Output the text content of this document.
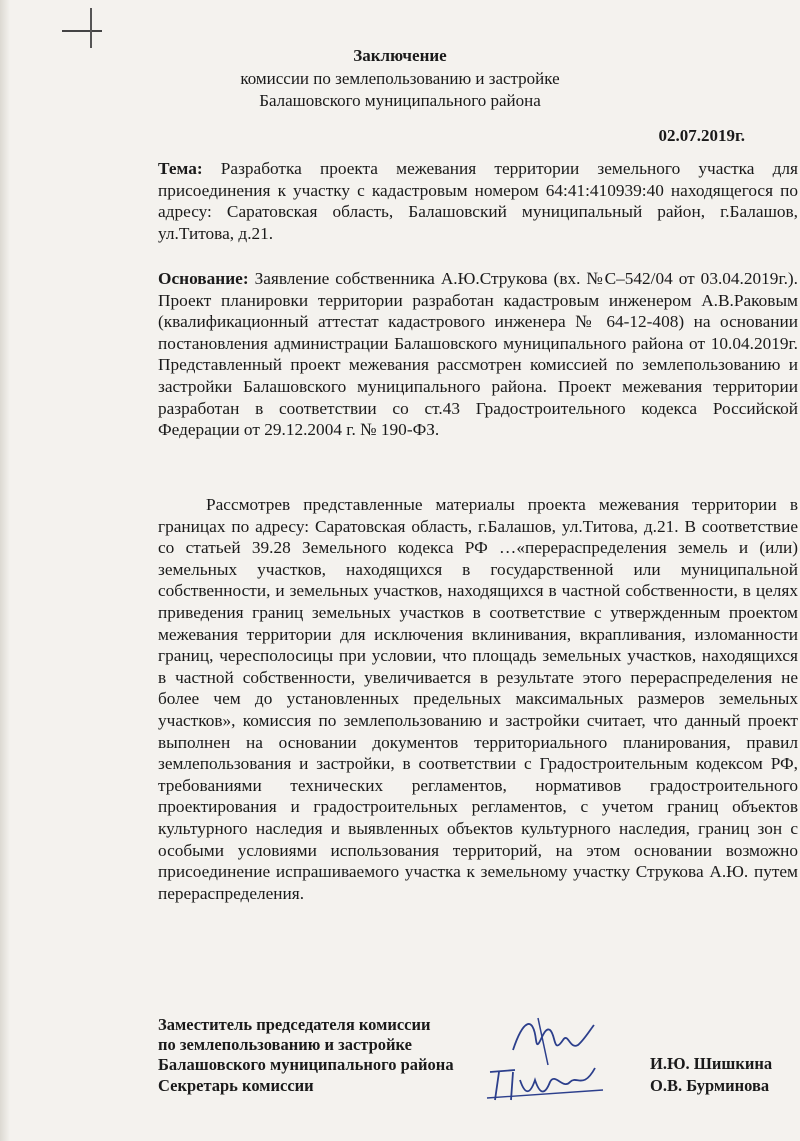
Заключение
комиссии по землепользованию и застройке
Балашовского муниципального района
02.07.2019г.
Тема: Разработка проекта межевания территории земельного участка для присоединения к участку с кадастровым номером 64:41:410939:40 находящегося по адресу: Саратовская область, Балашовский муниципальный район, г.Балашов, ул.Титова, д.21.
Основание: Заявление собственника А.Ю.Струкова (вх. №С–542/04 от 03.04.2019г.). Проект планировки территории разработан кадастровым инженером А.В.Раковым (квалификационный аттестат кадастрового инженера № 64-12-408) на основании постановления администрации Балашовского муниципального района от 10.04.2019г. Представленный проект межевания рассмотрен комиссией по землепользованию и застройки Балашовского муниципального района. Проект межевания территории разработан в соответствии со ст.43 Градостроительного кодекса Российской Федерации от 29.12.2004 г. № 190-ФЗ.
Рассмотрев представленные материалы проекта межевания территории в границах по адресу: Саратовская область, г.Балашов, ул.Титова, д.21. В соответствие со статьей 39.28 Земельного кодекса РФ …«перераспределения земель и (или) земельных участков, находящихся в государственной или муниципальной собственности, и земельных участков, находящихся в частной собственности, в целях приведения границ земельных участков в соответствие с утвержденным проектом межевания территории для исключения вклинивания, вкрапливания, изломанности границ, чересполосицы при условии, что площадь земельных участков, находящихся в частной собственности, увеличивается в результате этого перераспределения не более чем до установленных предельных максимальных размеров земельных участков», комиссия по землепользованию и застройки считает, что данный проект выполнен на основании документов территориального планирования, правил землепользования и застройки, в соответствии с Градостроительным кодексом РФ, требованиями технических регламентов, нормативов градостроительного проектирования и градостроительных регламентов, с учетом границ объектов культурного наследия и выявленных объектов культурного наследия, границ зон с особыми условиями использования территорий, на этом основании возможно присоединение испрашиваемого участка к земельному участку Струкова А.Ю. путем перераспределения.
Заместитель председателя комиссии
по землепользованию и застройке
Балашовского муниципального района	И.Ю. Шишкина
Секретарь комиссии	О.В. Бурминова
